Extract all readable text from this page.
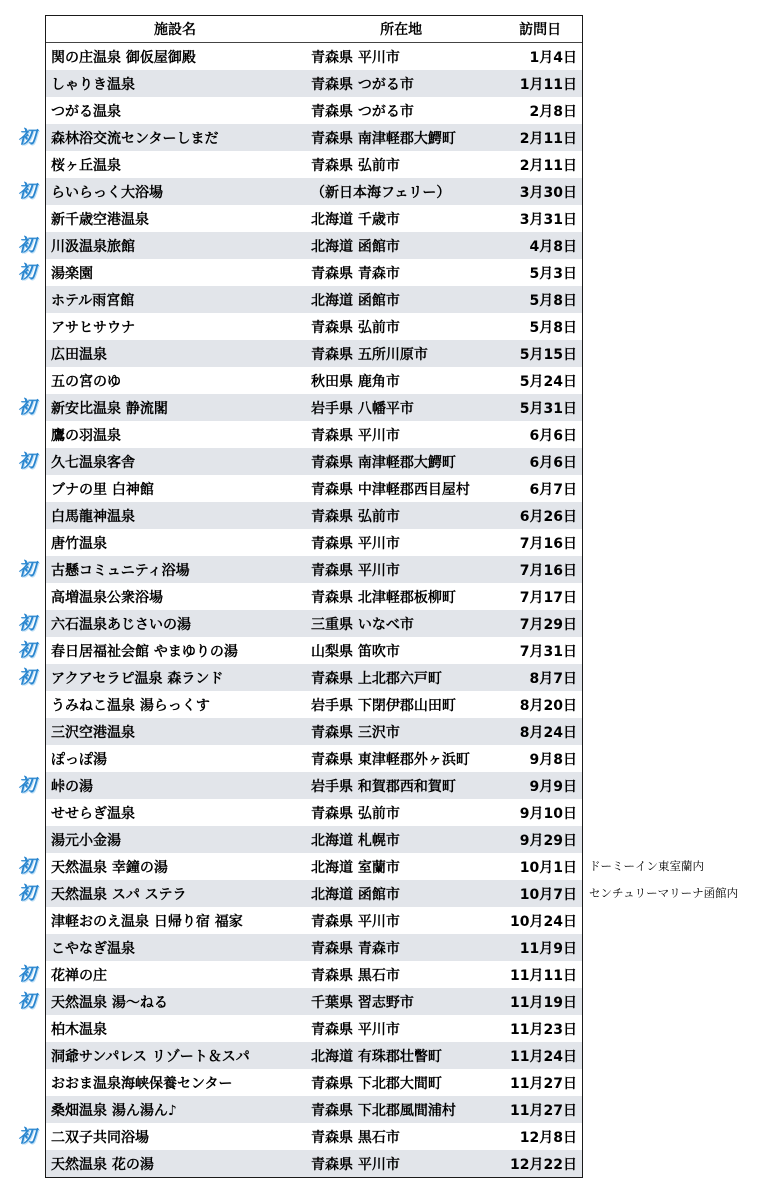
施設名	所在地	訪問日
関の庄温泉 御仮屋御殿	青森県 平川市	1月4日
しゃりき温泉	青森県 つがる市	1月11日
つがる温泉	青森県 つがる市	2月8日
初	森林浴交流センターしまだ	青森県 南津軽郡大鰐町	2月11日
桜ヶ丘温泉	青森県 弘前市	2月11日
初	らいらっく大浴場	（新日本海フェリー）	3月30日
新千歳空港温泉	北海道 千歳市	3月31日
初	川汲温泉旅館	北海道 函館市	4月8日
初	湯楽園	青森県 青森市	5月3日
ホテル雨宮館	北海道 函館市	5月8日
アサヒサウナ	青森県 弘前市	5月8日
広田温泉	青森県 五所川原市	5月15日
五の宮のゆ	秋田県 鹿角市	5月24日
初	新安比温泉 静流閣	岩手県 八幡平市	5月31日
鷹の羽温泉	青森県 平川市	6月6日
初	久七温泉客舎	青森県 南津軽郡大鰐町	6月6日
ブナの里 白神館	青森県 中津軽郡西目屋村	6月7日
白馬龍神温泉	青森県 弘前市	6月26日
唐竹温泉	青森県 平川市	7月16日
初	古懸コミュニティ浴場	青森県 平川市	7月16日
高増温泉公衆浴場	青森県 北津軽郡板柳町	7月17日
初	六石温泉あじさいの湯	三重県 いなべ市	7月29日
初	春日居福祉会館 やまゆりの湯	山梨県 笛吹市	7月31日
初	アクアセラピ温泉 森ランド	青森県 上北郡六戸町	8月7日
うみねこ温泉 湯らっくす	岩手県 下閉伊郡山田町	8月20日
三沢空港温泉	青森県 三沢市	8月24日
ぽっぽ湯	青森県 東津軽郡外ヶ浜町	9月8日
初	峠の湯	岩手県 和賀郡西和賀町	9月9日
せせらぎ温泉	青森県 弘前市	9月10日
湯元小金湯	北海道 札幌市	9月29日
初	天然温泉 幸鐘の湯	北海道 室蘭市	10月1日	ドーミーイン東室蘭内
初	天然温泉 スパ ステラ	北海道 函館市	10月7日	センチュリーマリーナ函館内
津軽おのえ温泉 日帰り宿 福家	青森県 平川市	10月24日
こやなぎ温泉	青森県 青森市	11月9日
初	花禅の庄	青森県 黒石市	11月11日
初	天然温泉 湯～ねる	千葉県 習志野市	11月19日
柏木温泉	青森県 平川市	11月23日
洞爺サンパレス リゾート＆スパ	北海道 有珠郡壮瞥町	11月24日
おおま温泉海峡保養センター	青森県 下北郡大間町	11月27日
桑畑温泉 湯ん湯ん♪	青森県 下北郡風間浦村	11月27日
初	二双子共同浴場	青森県 黒石市	12月8日
天然温泉 花の湯	青森県 平川市	12月22日
